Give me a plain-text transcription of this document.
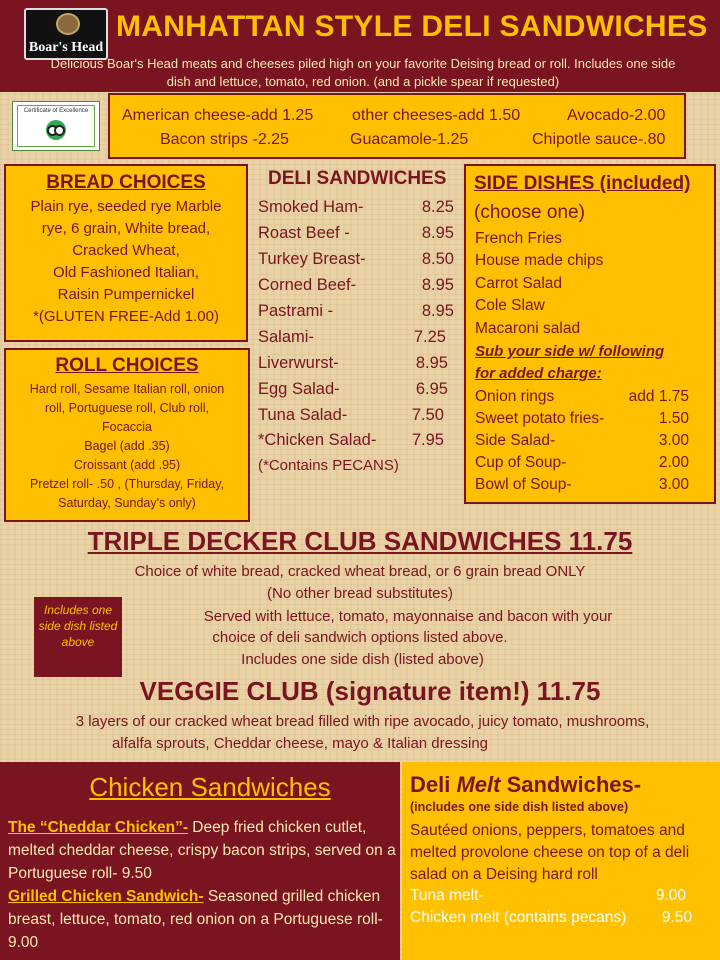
Boar's Head
MANHATTAN STYLE DELI SANDWICHES
Delicious Boar's Head meats and cheeses piled high on your favorite Deising bread or roll. Includes one side
dish and lettuce, tomato, red onion. (and a pickle spear if requested)
Certificate of Excellence	American cheese-add 1.25 other cheeses-add 1.50	Avocado-2.00
Bacon strips -2.25	Guacamole-1.25	Chipotle sauce-.80
BREAD CHOICES
Plain rye, seeded rye Marble
rye, 6 grain, White bread,
Cracked Wheat,
Old Fashioned Italian,
Raisin Pumpernickel
*(GLUTEN FREE-Add 1.00)
ROLL CHOICES
Hard roll, Sesame Italian roll, onion
roll, Portuguese roll, Club roll,
Focaccia
Bagel (add .35)
Croissant (add .95)
Pretzel roll- .50 , (Thursday, Friday,
Saturday, Sunday's only)
DELI SANDWICHES
Smoked Ham-	8.25
Roast Beef -	8.95
Turkey Breast-	8.50
Corned Beef-	8.95
Pastrami -	8.95
Salami-	7.25
Liverwurst-	8.95
Egg Salad-	6.95
Tuna Salad-	7.50
*Chicken Salad- 7.95
(*Contains PECANS)
SIDE DISHES (included)
(choose one)
French Fries
House made chips
Carrot Salad
Cole Slaw
Macaroni salad
Sub your side w/ following
for added charge:
Onion rings	add 1.75
Sweet potato fries-	1.50
Side Salad-	3.00
Cup of Soup-	2.00
Bowl of Soup-	3.00
TRIPLE DECKER CLUB SANDWICHES 11.75
Choice of white bread, cracked wheat bread, or 6 grain bread ONLY
(No other bread substitutes)
Served with lettuce, tomato, mayonnaise and bacon with your
choice of deli sandwich options listed above.
Includes one side dish (listed above)
Includes one side dish listed above
VEGGIE CLUB (signature item!) 11.75
3 layers of our cracked wheat bread filled with ripe avocado, juicy tomato, mushrooms,
alfalfa sprouts, Cheddar cheese, mayo & Italian dressing
Chicken Sandwiches
The “Cheddar Chicken”- Deep fried chicken cutlet, melted cheddar cheese, crispy bacon strips, served on a Portuguese roll- 9.50
Grilled Chicken Sandwich- Seasoned grilled chicken breast, lettuce, tomato, red onion on a Portuguese roll- 9.00
Deli Melt Sandwiches-
(includes one side dish listed above)
Sautéed onions, peppers, tomatoes and melted provolone cheese on top of a deli salad on a Deising hard roll
Tuna melt-	9.00
Chicken melt (contains pecans) 9.50
